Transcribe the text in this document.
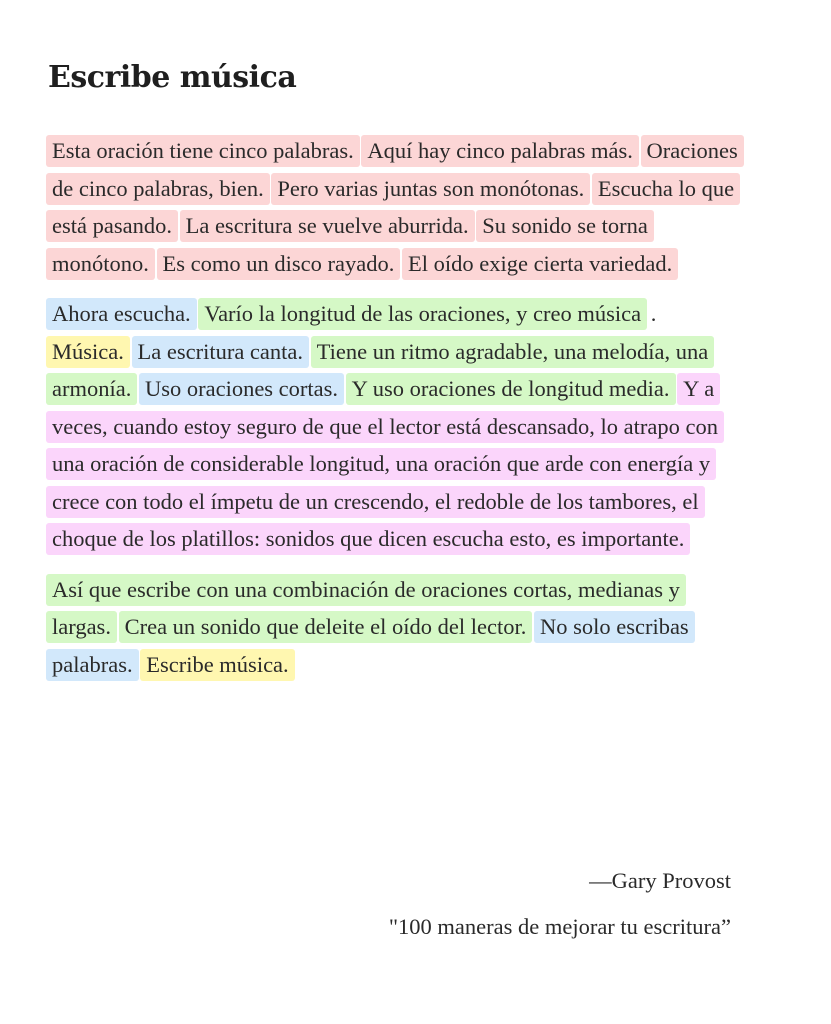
Escribe música

Esta oración tiene cinco palabras. Aquí hay cinco palabras más. Oraciones de cinco palabras, bien. Pero varias juntas son monótonas. Escucha lo que está pasando. La escritura se vuelve aburrida. Su sonido se torna monótono. Es como un disco rayado. El oído exige cierta variedad.

Ahora escucha. Varío la longitud de las oraciones, y creo música . Música. La escritura canta. Tiene un ritmo agradable, una melodía, una armonía. Uso oraciones cortas. Y uso oraciones de longitud media. Y a veces, cuando estoy seguro de que el lector está descansado, lo atrapo con una oración de considerable longitud, una oración que arde con energía y crece con todo el ímpetu de un crescendo, el redoble de los tambores, el choque de los platillos: sonidos que dicen escucha esto, es importante.

Así que escribe con una combinación de oraciones cortas, medianas y largas. Crea un sonido que deleite el oído del lector. No solo escribas palabras. Escribe música.

—Gary Provost
"100 maneras de mejorar tu escritura”
